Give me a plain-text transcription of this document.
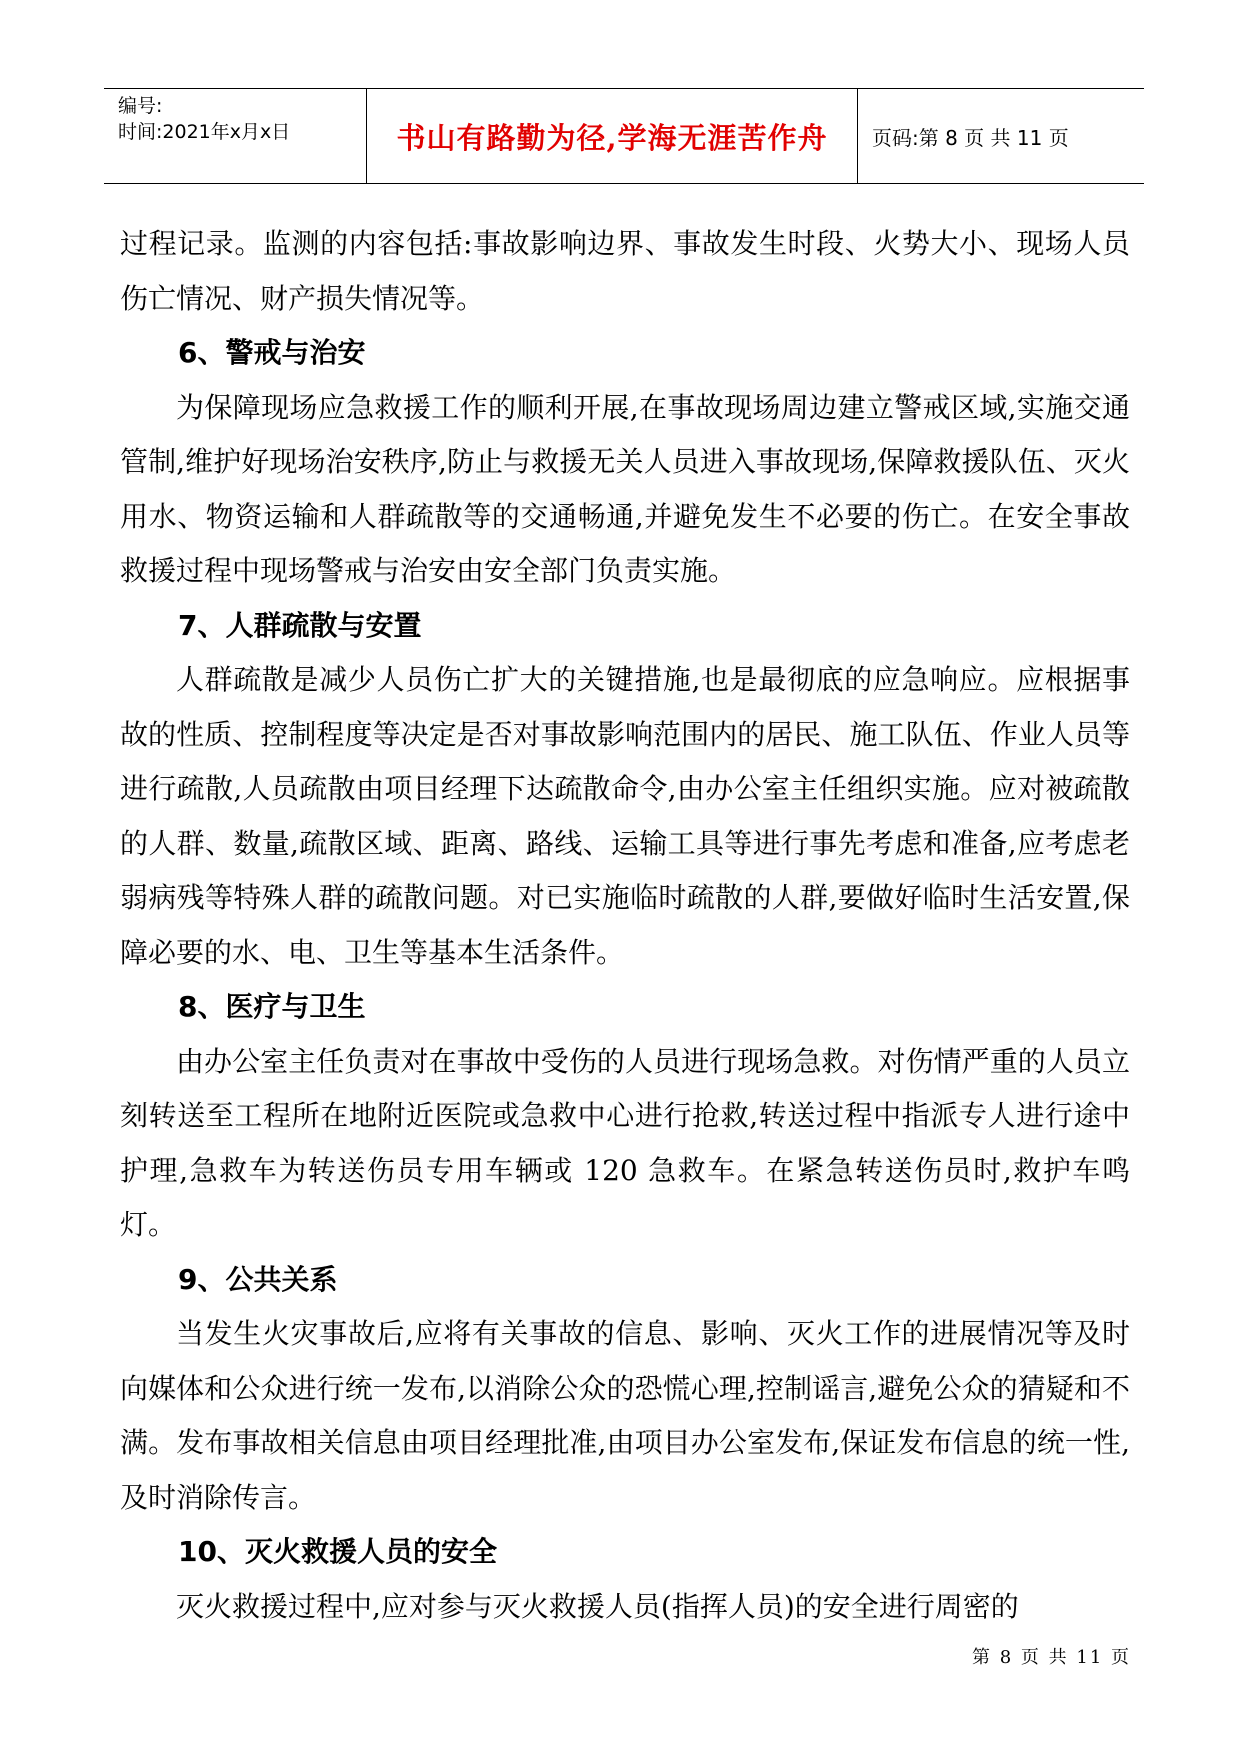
编号:
时间:2021年x月x日	书山有路勤为径,学海无涯苦作舟	页码:第 8 页 共 11 页

过程记录。监测的内容包括:事故影响边界、事故发生时段、火势大小、现场人员伤亡情况、财产损失情况等。

6、警戒与治安

为保障现场应急救援工作的顺利开展,在事故现场周边建立警戒区域,实施交通管制,维护好现场治安秩序,防止与救援无关人员进入事故现场,保障救援队伍、灭火用水、物资运输和人群疏散等的交通畅通,并避免发生不必要的伤亡。在安全事故救援过程中现场警戒与治安由安全部门负责实施。

7、人群疏散与安置

人群疏散是减少人员伤亡扩大的关键措施,也是最彻底的应急响应。应根据事故的性质、控制程度等决定是否对事故影响范围内的居民、施工队伍、作业人员等进行疏散,人员疏散由项目经理下达疏散命令,由办公室主任组织实施。应对被疏散的人群、数量,疏散区域、距离、路线、运输工具等进行事先考虑和准备,应考虑老弱病残等特殊人群的疏散问题。对已实施临时疏散的人群,要做好临时生活安置,保障必要的水、电、卫生等基本生活条件。

8、医疗与卫生

由办公室主任负责对在事故中受伤的人员进行现场急救。对伤情严重的人员立刻转送至工程所在地附近医院或急救中心进行抢救,转送过程中指派专人进行途中护理,急救车为转送伤员专用车辆或 120 急救车。在紧急转送伤员时,救护车鸣灯。

9、公共关系

当发生火灾事故后,应将有关事故的信息、影响、灭火工作的进展情况等及时向媒体和公众进行统一发布,以消除公众的恐慌心理,控制谣言,避免公众的猜疑和不满。发布事故相关信息由项目经理批准,由项目办公室发布,保证发布信息的统一性,及时消除传言。

10、灭火救援人员的安全

灭火救援过程中,应对参与灭火救援人员(指挥人员)的安全进行周密的

第 8 页 共 11 页
